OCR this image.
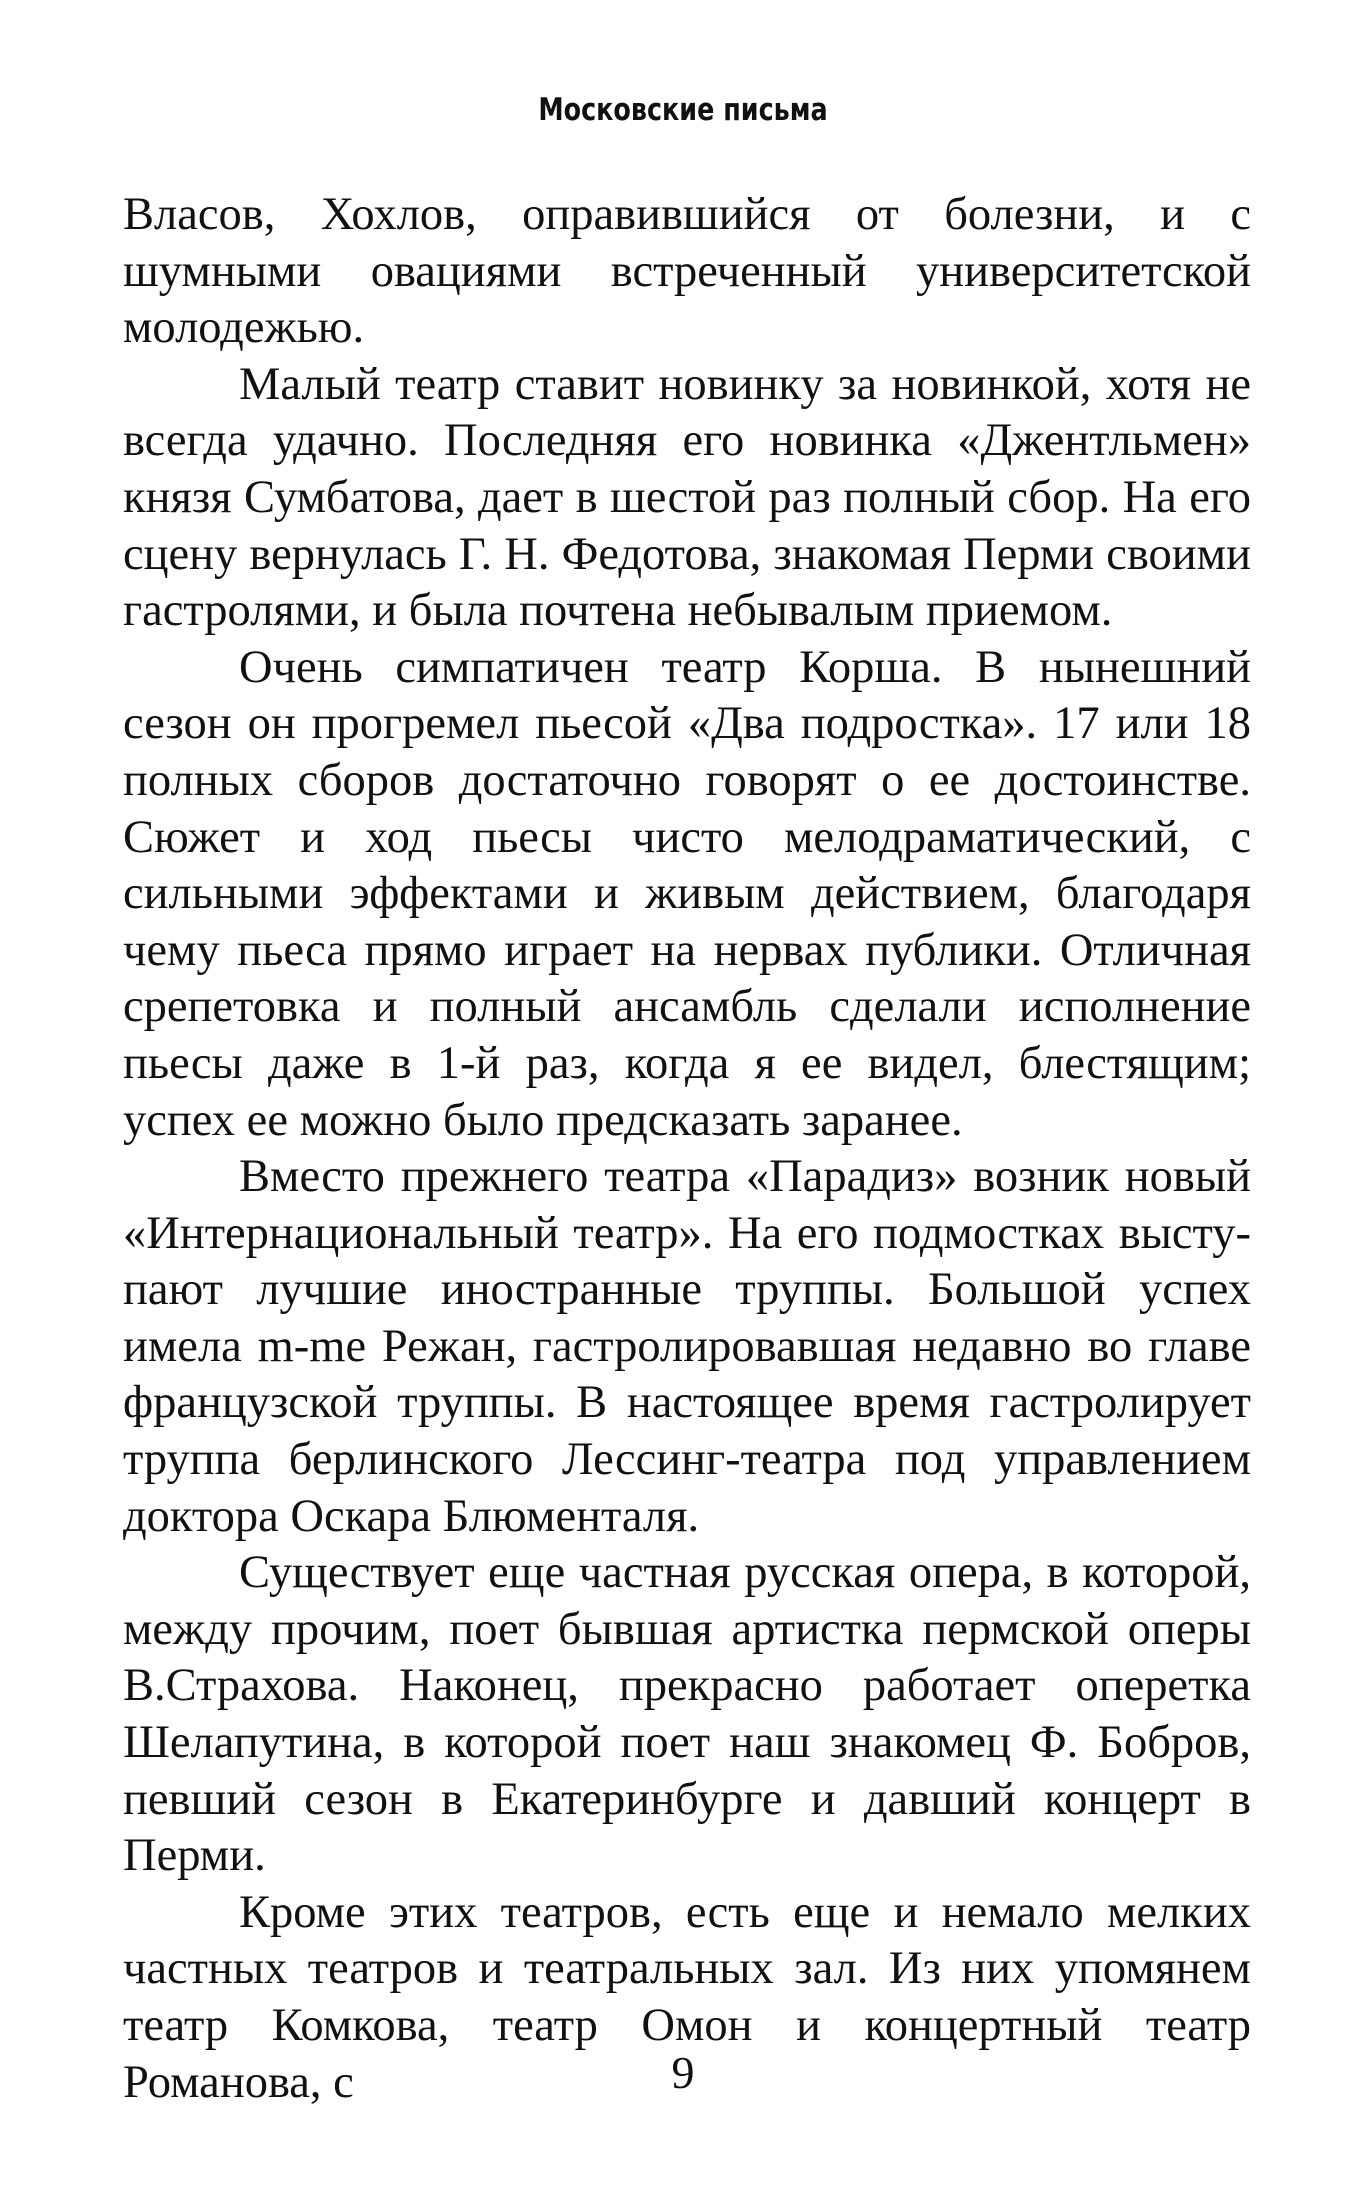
Московские письма

Власов, Хохлов, оправившийся от болезни, и с шумными овациями встреченный университетской молодежью.

Малый театр ставит новинку за новинкой, хотя не всегда удачно. Последняя его новинка «Джентльмен» князя Сумбатова, дает в шестой раз полный сбор. На его сцену вернулась Г. Н. Федотова, знакомая Перми своими гастролями, и была почтена небывалым приемом.

Очень симпатичен театр Корша. В нынешний сезон он прогремел пьесой «Два подростка». 17 или 18 полных сборов достаточно говорят о ее достоинстве. Сюжет и ход пьесы чисто мелодраматический, с сильными эффектами и живым действием, благодаря чему пьеса прямо играет на нервах публики. Отличная срепетовка и полный ансамбль сделали исполнение пьесы даже в 1-й раз, когда я ее видел, блестящим; успех ее можно было предсказать заранее.

Вместо прежнего театра «Парадиз» возник новый «Интернациональный театр». На его подмостках выступают лучшие иностранные труппы. Большой успех имела m-me Режан, гастролировавшая недавно во главе французской труппы. В настоящее время гастролирует труппа берлинского Лессинг-театра под управлением доктора Оскара Блюменталя.

Существует еще частная русская опера, в которой, между прочим, поет бывшая артистка пермской оперы В.Страхова. Наконец, прекрасно работает оперетка Шелапутина, в которой поет наш знакомец Ф. Бобров, певший сезон в Екатеринбурге и давший концерт в Перми.

Кроме этих театров, есть еще и немало мелких частных театров и театральных зал. Из них упомянем театр Комкова, театр Омон и концертный театр Романова, с	9
